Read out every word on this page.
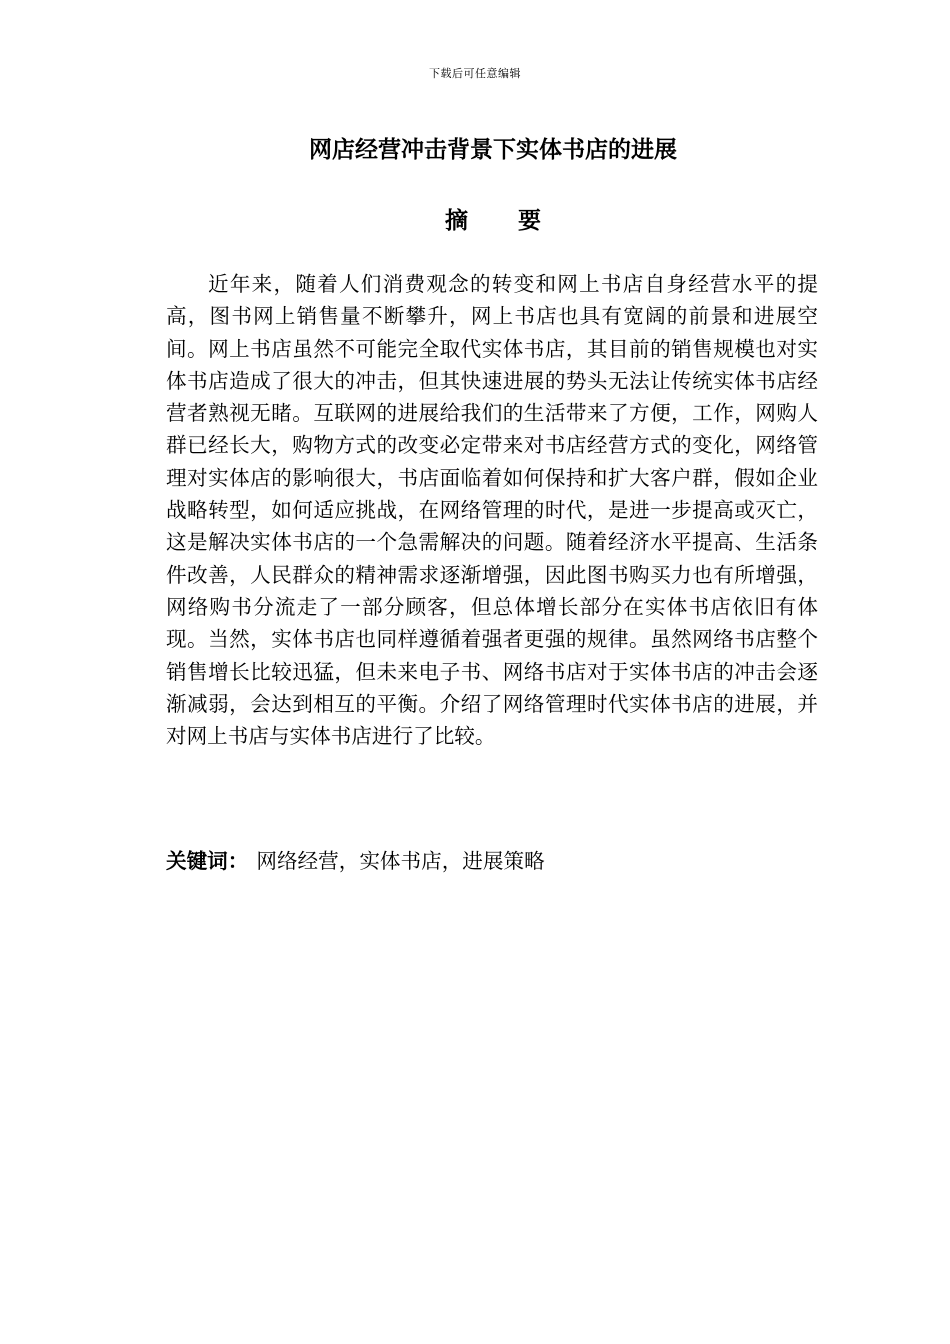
下载后可任意编辑
网店经营冲击背景下实体书店的进展
摘要

近年来，随着人们消费观念的转变和网上书店自身经营水平的提高，图书网上销售量不断攀升，网上书店也具有宽阔的前景和进展空间。网上书店虽然不可能完全取代实体书店，其目前的销售规模也对实体书店造成了很大的冲击，但其快速进展的势头无法让传统实体书店经营者熟视无睹。互联网的进展给我们的生活带来了方便，工作，网购人群已经长大，购物方式的改变必定带来对书店经营方式的变化，网络管理对实体店的影响很大，书店面临着如何保持和扩大客户群，假如企业战略转型，如何适应挑战，在网络管理的时代，是进一步提高或灭亡，这是解决实体书店的一个急需解决的问题。随着经济水平提高、生活条件改善，人民群众的精神需求逐渐增强，因此图书购买力也有所增强，网络购书分流走了一部分顾客，但总体增长部分在实体书店依旧有体现。当然，实体书店也同样遵循着强者更强的规律。虽然网络书店整个销售增长比较迅猛，但未来电子书、网络书店对于实体书店的冲击会逐渐减弱，会达到相互的平衡。介绍了网络管理时代实体书店的进展，并对网上书店与实体书店进行了比较。

关键词： 网络经营，实体书店，进展策略
